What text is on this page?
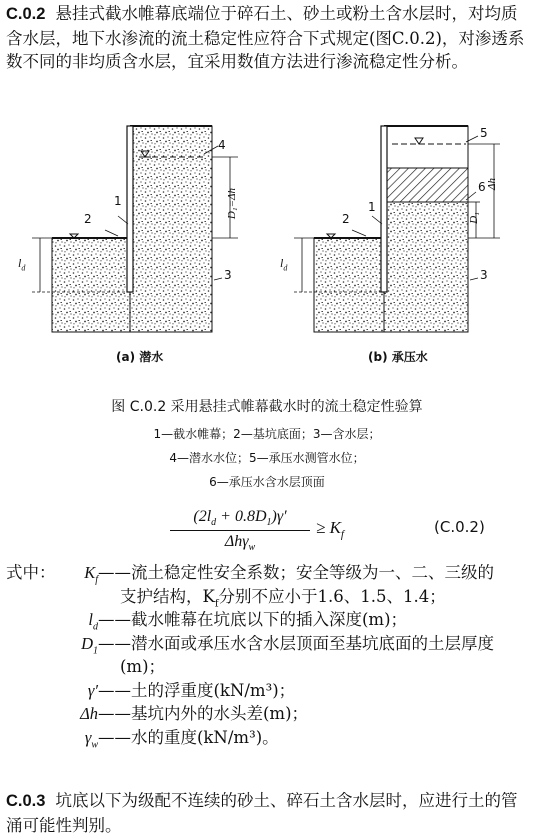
C.0.2 悬挂式截水帷幕底端位于碎石土、砂土或粉土含水层时，对均质含水层，地下水渗流的流土稳定性应符合下式规定(图C.0.2)，对渗透系数不同的非均质含水层，宜采用数值方法进行渗流稳定性分析。
1
2
3
4
$l_d$
D₁=Δh
(a) 潜水
1
2
3
5
6
$l_d$
Δh
D₁
(b) 承压水
图 C.0.2 采用悬挂式帷幕截水时的流土稳定性验算
1—截水帷幕；2—基坑底面；3—含水层；
4—潜水水位；5—承压水测管水位；
6—承压水含水层顶面
$(2l_d + 0.8D_1)\gamma'$
Δhγ$_w$
≥ $K_f$	(C.0.2)
式中： $K_f$ ——流土稳定性安全系数；安全等级为一、二、三级的
支护结构，$K_f$分别不应小于1.6、1.5、1.4；
$l_d$ ——截水帷幕在坑底以下的插入深度(m)；
$D_1$ ——潜水面或承压水含水层顶面至基坑底面的土层厚度
(m)；
γ′ ——土的浮重度(kN/m³)；
Δh ——基坑内外的水头差(m)；
$\gamma_w$ ——水的重度(kN/m³)。
C.0.3 坑底以下为级配不连续的砂土、碎石土含水层时，应进行土的管涌可能性判别。
